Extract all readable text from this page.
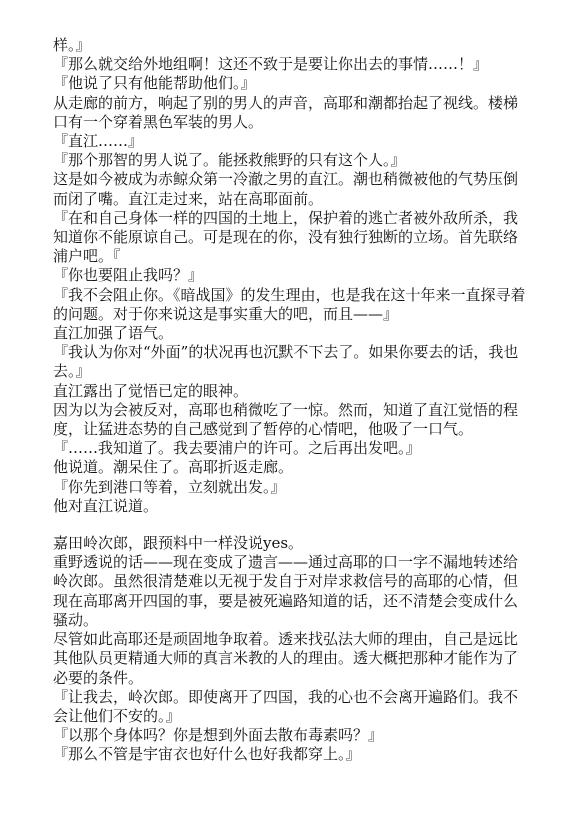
样。』

『那么就交给外地组啊！这还不致于是要让你出去的事情……！』

『他说了只有他能帮助他们。』

从走廊的前方，响起了别的男人的声音，高耶和潮都抬起了视线。楼梯口有一个穿着黑色军装的男人。

『直江……』

『那个那智的男人说了。能拯救熊野的只有这个人。』

这是如今被成为赤鲸众第一冷澈之男的直江。潮也稍微被他的气势压倒而闭了嘴。直江走过来，站在高耶面前。

『在和自己身体一样的四国的土地上，保护着的逃亡者被外敌所杀，我知道你不能原谅自己。可是现在的你，没有独行独断的立场。首先联络浦户吧。『

『你也要阻止我吗？』

『我不会阻止你。《暗战国》的发生理由，也是我在这十年来一直探寻着的问题。对于你来说这是事实重大的吧，而且——』

直江加强了语气。

『我认为你对“外面”的状况再也沉默不下去了。如果你要去的话，我也去。』

直江露出了觉悟已定的眼神。

因为以为会被反对，高耶也稍微吃了一惊。然而，知道了直江觉悟的程度，让猛进态势的自己感觉到了暂停的心情吧，他吸了一口气。

『……我知道了。我去要浦户的许可。之后再出发吧。』

他说道。潮呆住了。高耶折返走廊。

『你先到港口等着，立刻就出发。』

他对直江说道。

嘉田岭次郎，跟预料中一样没说yes。

重野透说的话——现在变成了遗言——通过高耶的口一字不漏地转述给岭次郎。虽然很清楚难以无视于发自于对岸求救信号的高耶的心情，但现在高耶离开四国的事，要是被死遍路知道的话，还不清楚会变成什么骚动。

尽管如此高耶还是顽固地争取着。透来找弘法大师的理由，自己是远比其他队员更精通大师的真言米教的人的理由。透大概把那种才能作为了必要的条件。

『让我去，岭次郎。即使离开了四国，我的心也不会离开遍路们。我不会让他们不安的。』

『以那个身体吗？你是想到外面去散布毒素吗？』

『那么不管是宇宙衣也好什么也好我都穿上。』
